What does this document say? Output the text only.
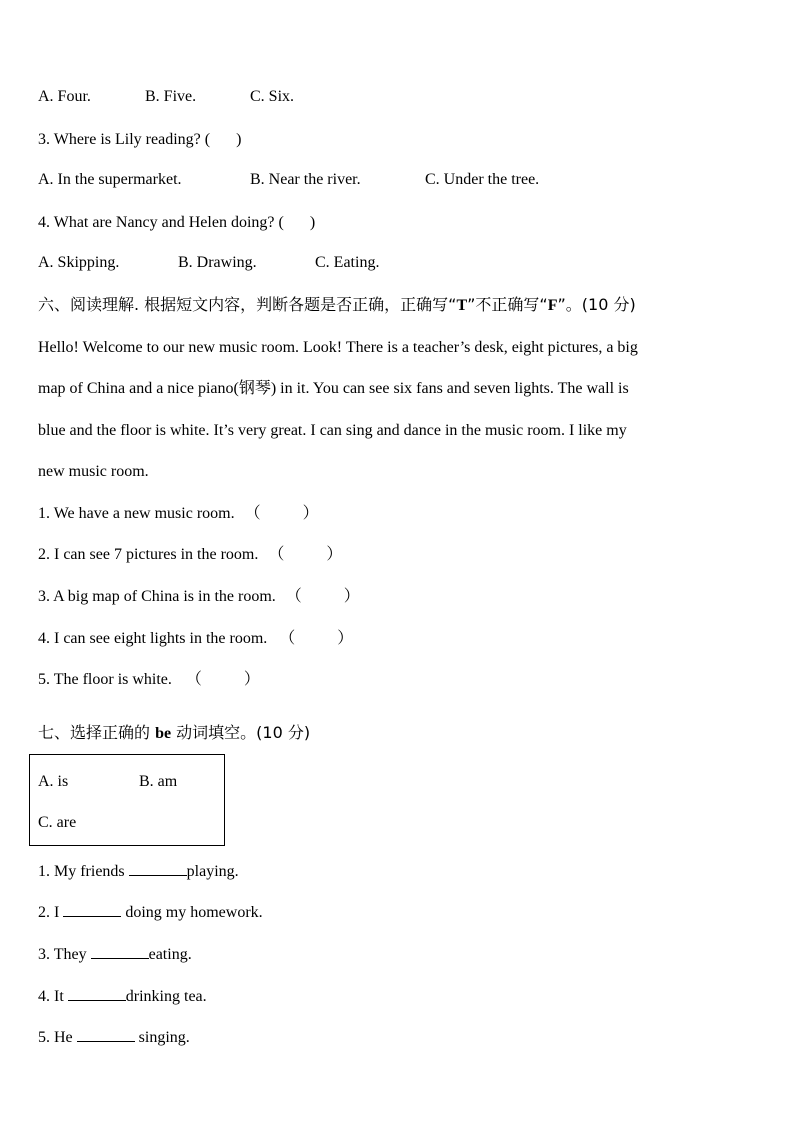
A. Four.	B. Five.	C. Six.
3. Where is Lily reading? ( )
A. In the supermarket.	B. Near the river.	C. Under the tree.
4. What are Nancy and Helen doing? ( )
A. Skipping.	B. Drawing.	C. Eating.
六、阅读理解. 根据短文内容，判断各题是否正确，正确写“T”不正确写“F”。(10 分)
Hello! Welcome to our new music room. Look! There is a teacher’s desk, eight pictures, a big
map of China and a nice piano(钢琴) in it. You can see six fans and seven lights. The wall is
blue and the floor is white. It’s very great. I can sing and dance in the music room. I like my
new music room.
1. We have a new music room. （	）
2. I can see 7 pictures in the room. （	）
3. A big map of China is in the room. （	）
4. I can see eight lights in the room. （	）
5. The floor is white. （	）
七、选择正确的 be 动词填空。(10 分)
A. is	B. am
C. are
1. My friends	playing.
2. I	doing my homework.
3. They	eating.
4. It	drinking tea.
5. He	singing.
